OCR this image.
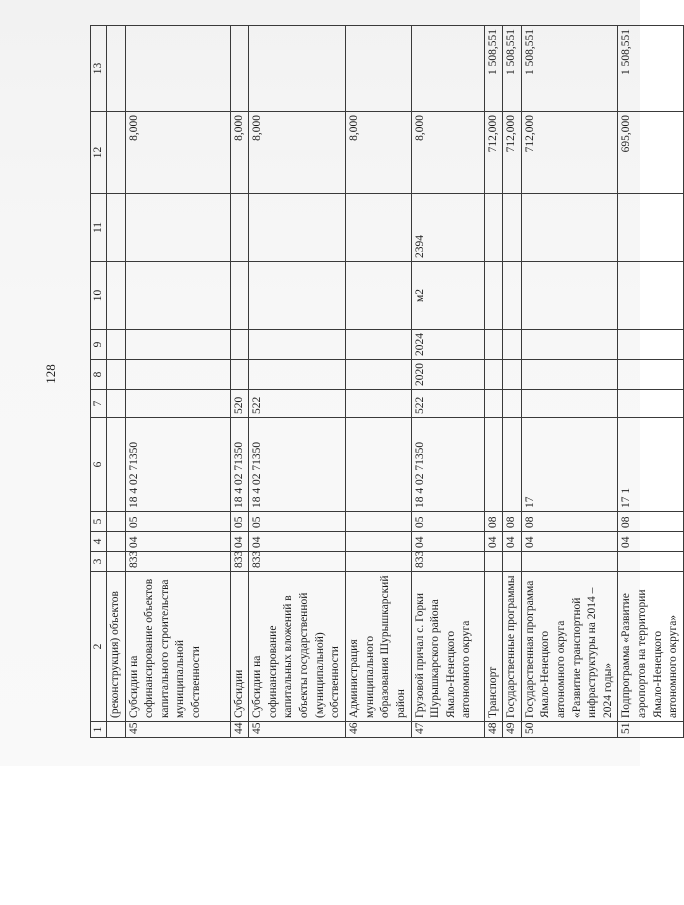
128
1	2	3	4	5	6	7	8	9	10	11	12	13
	(реконструкция) объектов											
45	Субсидии на софинансирование объектов капитального строительства муниципальной собственности	833	04	05	18 4 02 71350						8,000	
44	Субсидии	833	04	05	18 4 02 71350	520					8,000	
45	Субсидии на софинансирование капитальных вложений в объекты государственной (муниципальной) собственности	833	04	05	18 4 02 71350	522					8,000	
46	Администрация муниципального образования Шурышкарский район										8,000	
47	Грузовой причал с. Горки Шурышкарского района Ямало-Ненецкого автономного округа	833	04	05	18 4 02 71350	522	2020	2024	м2	2394	8,000	
48	Транспорт		04	08							712,000	1 508,551
49	Государственные программы		04	08							712,000	1 508,551
50	Государственная программа Ямало-Ненецкого автономного округа «Развитие транспортной инфраструктуры на 2014 – 2024 годы»		04	08	17						712,000	1 508,551
51	Подпрограмма «Развитие аэропортов на территории Ямало-Ненецкого автономного округа»		04	08	17 1						695,000	1 508,551
